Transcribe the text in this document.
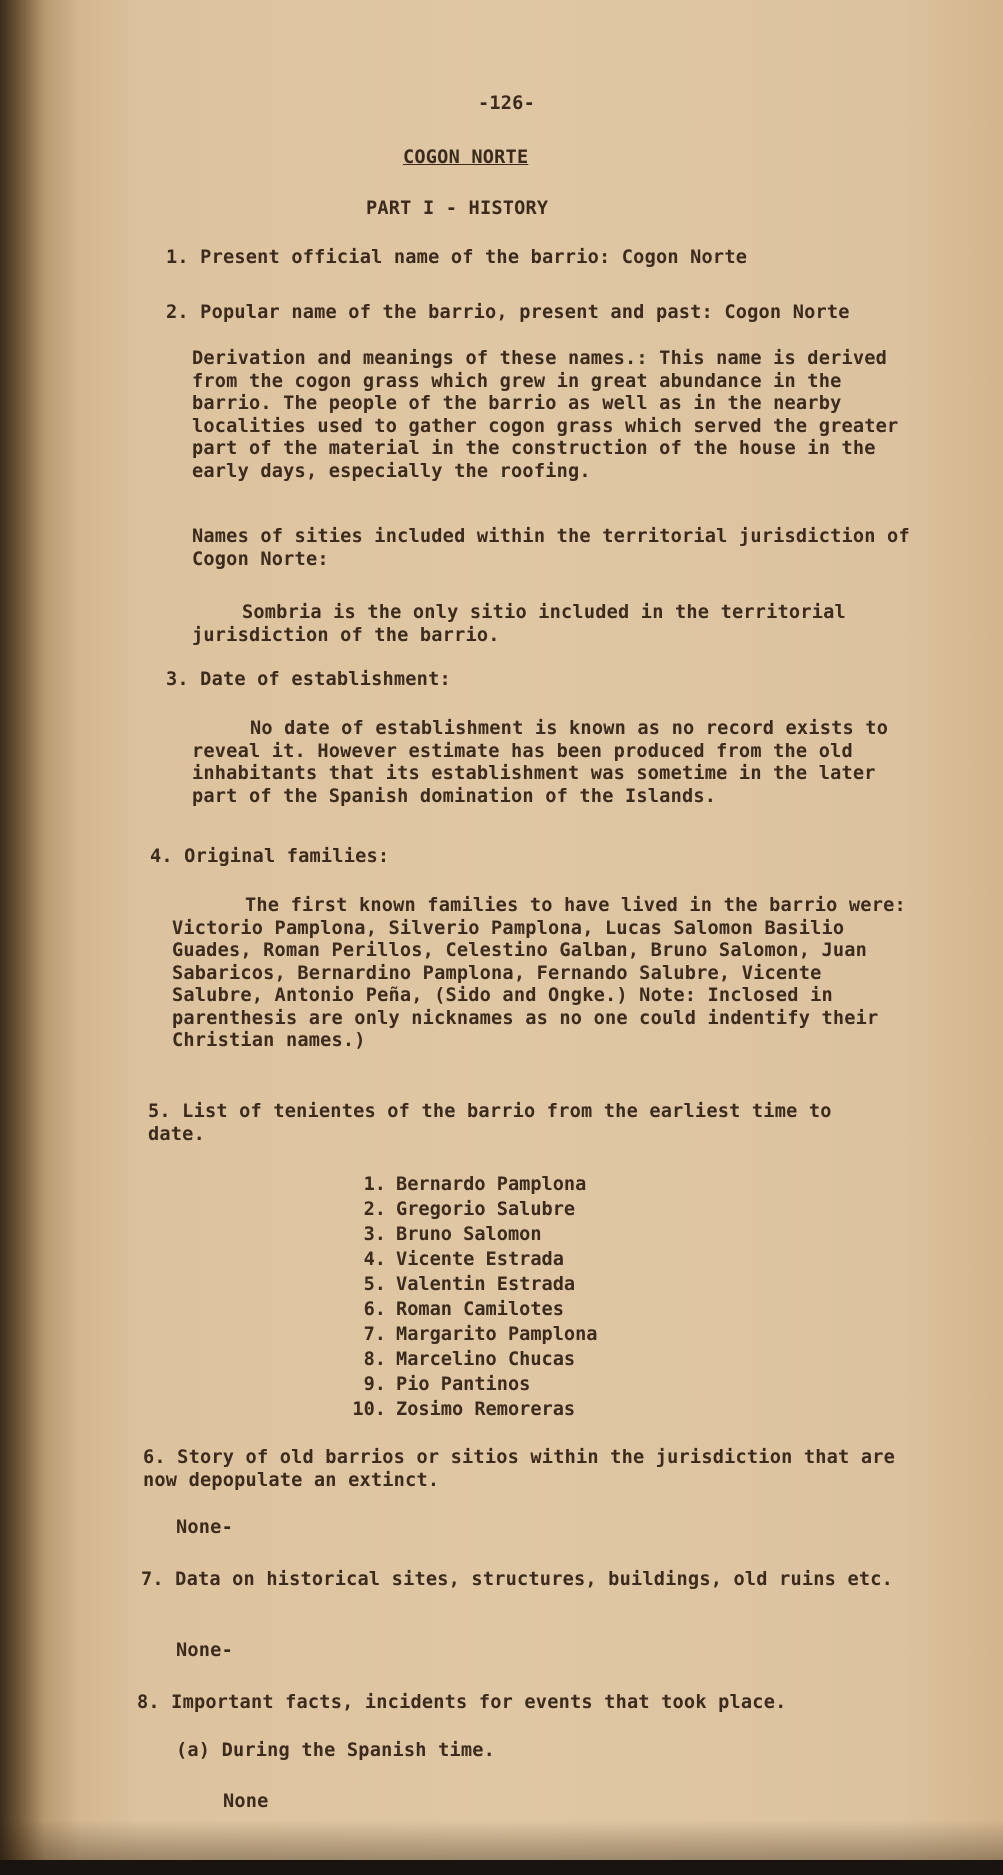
-126-

COGON NORTE

PART I - HISTORY

1. Present official name of the barrio: Cogon Norte

2. Popular name of the barrio, present and past: Cogon Norte

Derivation and meanings of these names.: This name is derived from the cogon grass which grew in great abundance in the barrio. The people of the barrio as well as in the nearby localities used to gather cogon grass which served the greater part of the material in the construction of the house in the early days, especially the roofing.

Names of sities included within the territorial jurisdiction of Cogon Norte:

Sombria is the only sitio included in the territorial jurisdiction of the barrio.

3. Date of establishment:

No date of establishment is known as no record exists to reveal it. However estimate has been produced from the old inhabitants that its establishment was sometime in the later part of the Spanish domination of the Islands.

4. Original families:

The first known families to have lived in the barrio were: Victorio Pamplona, Silverio Pamplona, Lucas Salomon Basilio Guades, Roman Perillos, Celestino Galban, Bruno Salomon, Juan Sabaricos, Bernardino Pamplona, Fernando Salubre, Vicente Salubre, Antonio Peña, (Sido and Ongke.) Note: Inclosed in parenthesis are only nicknames as no one could indentify their Christian names.)

5. List of tenientes of the barrio from the earliest time to date.

1. Bernardo Pamplona
2. Gregorio Salubre
3. Bruno Salomon
4. Vicente Estrada
5. Valentin Estrada
6. Roman Camilotes
7. Margarito Pamplona
8. Marcelino Chucas
9. Pio Pantinos
10. Zosimo Remoreras

6. Story of old barrios or sitios within the jurisdiction that are now depopulate an extinct.

None-

7. Data on historical sites, structures, buildings, old ruins etc.

None-

8. Important facts, incidents for events that took place.

(a) During the Spanish time.

None
